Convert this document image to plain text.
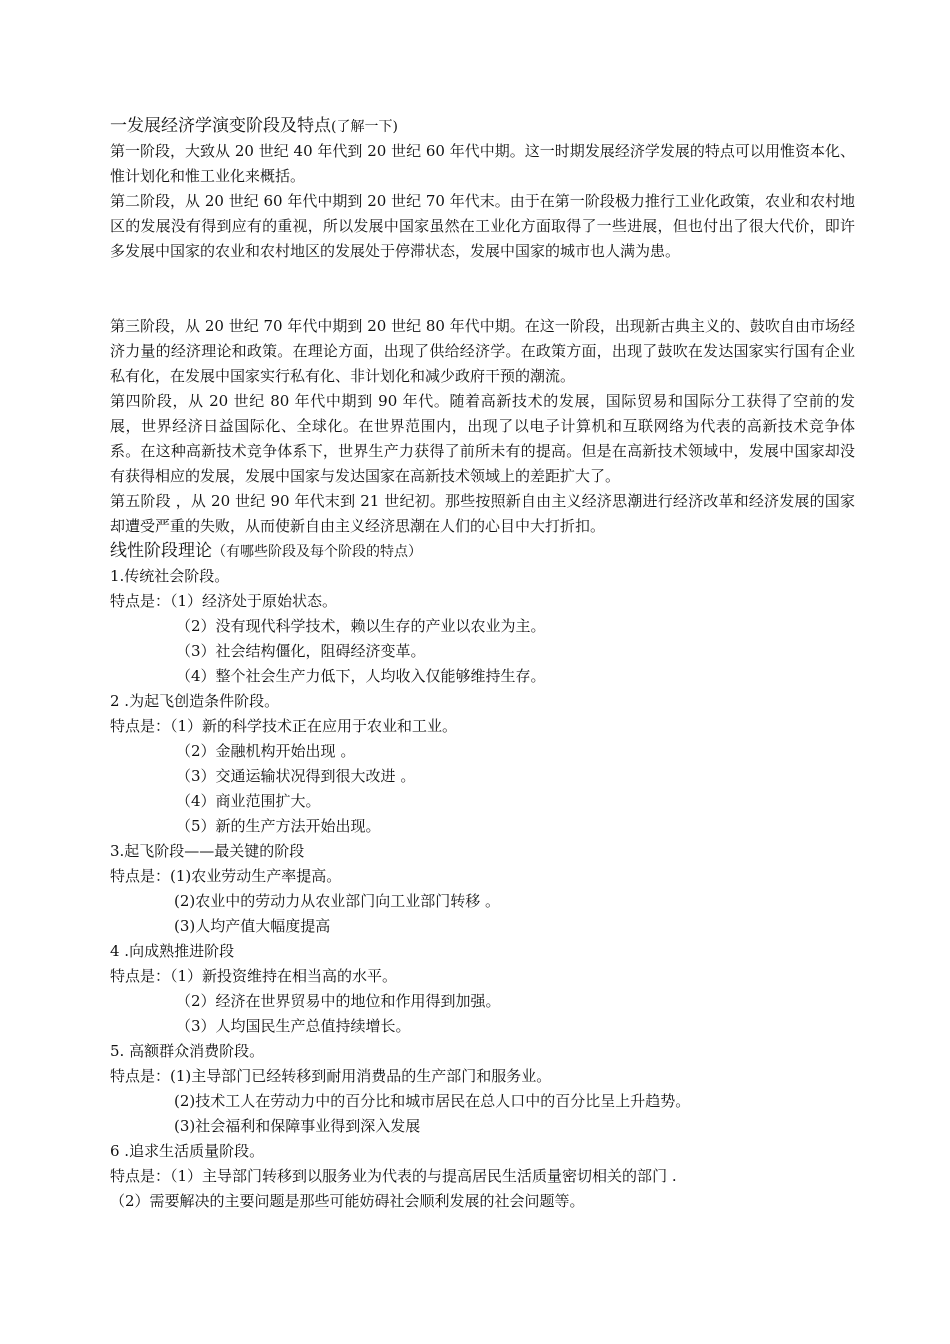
一发展经济学演变阶段及特点(了解一下)
第一阶段，大致从 20 世纪 40 年代到 20 世纪 60 年代中期。这一时期发展经济学发展的特点可以用惟资本化、惟计划化和惟工业化来概括。
第二阶段，从 20 世纪 60 年代中期到 20 世纪 70 年代末。由于在第一阶段极力推行工业化政策，农业和农村地区的发展没有得到应有的重视，所以发展中国家虽然在工业化方面取得了一些进展，但也付出了很大代价，即许多发展中国家的农业和农村地区的发展处于停滞状态，发展中国家的城市也人满为患。
第三阶段，从 20 世纪 70 年代中期到 20 世纪 80 年代中期。在这一阶段，出现新古典主义的、鼓吹自由市场经济力量的经济理论和政策。在理论方面，出现了供给经济学。在政策方面，出现了鼓吹在发达国家实行国有企业私有化，在发展中国家实行私有化、非计划化和减少政府干预的潮流。
第四阶段，从 20 世纪 80 年代中期到 90 年代。随着高新技术的发展，国际贸易和国际分工获得了空前的发展，世界经济日益国际化、全球化。在世界范围内，出现了以电子计算机和互联网络为代表的高新技术竞争体系。在这种高新技术竞争体系下，世界生产力获得了前所未有的提高。但是在高新技术领域中，发展中国家却没有获得相应的发展，发展中国家与发达国家在高新技术领域上的差距扩大了。
第五阶段 ，从 20 世纪 90 年代末到 21 世纪初。那些按照新自由主义经济思潮进行经济改革和经济发展的国家却遭受严重的失败，从而使新自由主义经济思潮在人们的心目中大打折扣。
线性阶段理论（有哪些阶段及每个阶段的特点）
1.传统社会阶段。
特点是：（1）经济处于原始状态。
（2）没有现代科学技术，赖以生存的产业以农业为主。
（3）社会结构僵化，阻碍经济变革。
（4）整个社会生产力低下，人均收入仅能够维持生存。
2 .为起飞创造条件阶段。
特点是：（1）新的科学技术正在应用于农业和工业。
（2）金融机构开始出现 。
（3）交通运输状况得到很大改进 。
（4）商业范围扩大。
（5）新的生产方法开始出现。
3.起飞阶段——最关键的阶段
特点是：(1)农业劳动生产率提高。
(2)农业中的劳动力从农业部门向工业部门转移 。
(3)人均产值大幅度提高
4 .向成熟推进阶段
特点是：（1）新投资维持在相当高的水平。
（2）经济在世界贸易中的地位和作用得到加强。
（3）人均国民生产总值持续增长。
5. 高额群众消费阶段。
特点是：(1)主导部门已经转移到耐用消费品的生产部门和服务业。
(2)技术工人在劳动力中的百分比和城市居民在总人口中的百分比呈上升趋势。
(3)社会福利和保障事业得到深入发展
6 .追求生活质量阶段。
特点是：（1）主导部门转移到以服务业为代表的与提高居民生活质量密切相关的部门 .
（2）需要解决的主要问题是那些可能妨碍社会顺利发展的社会问题等。
